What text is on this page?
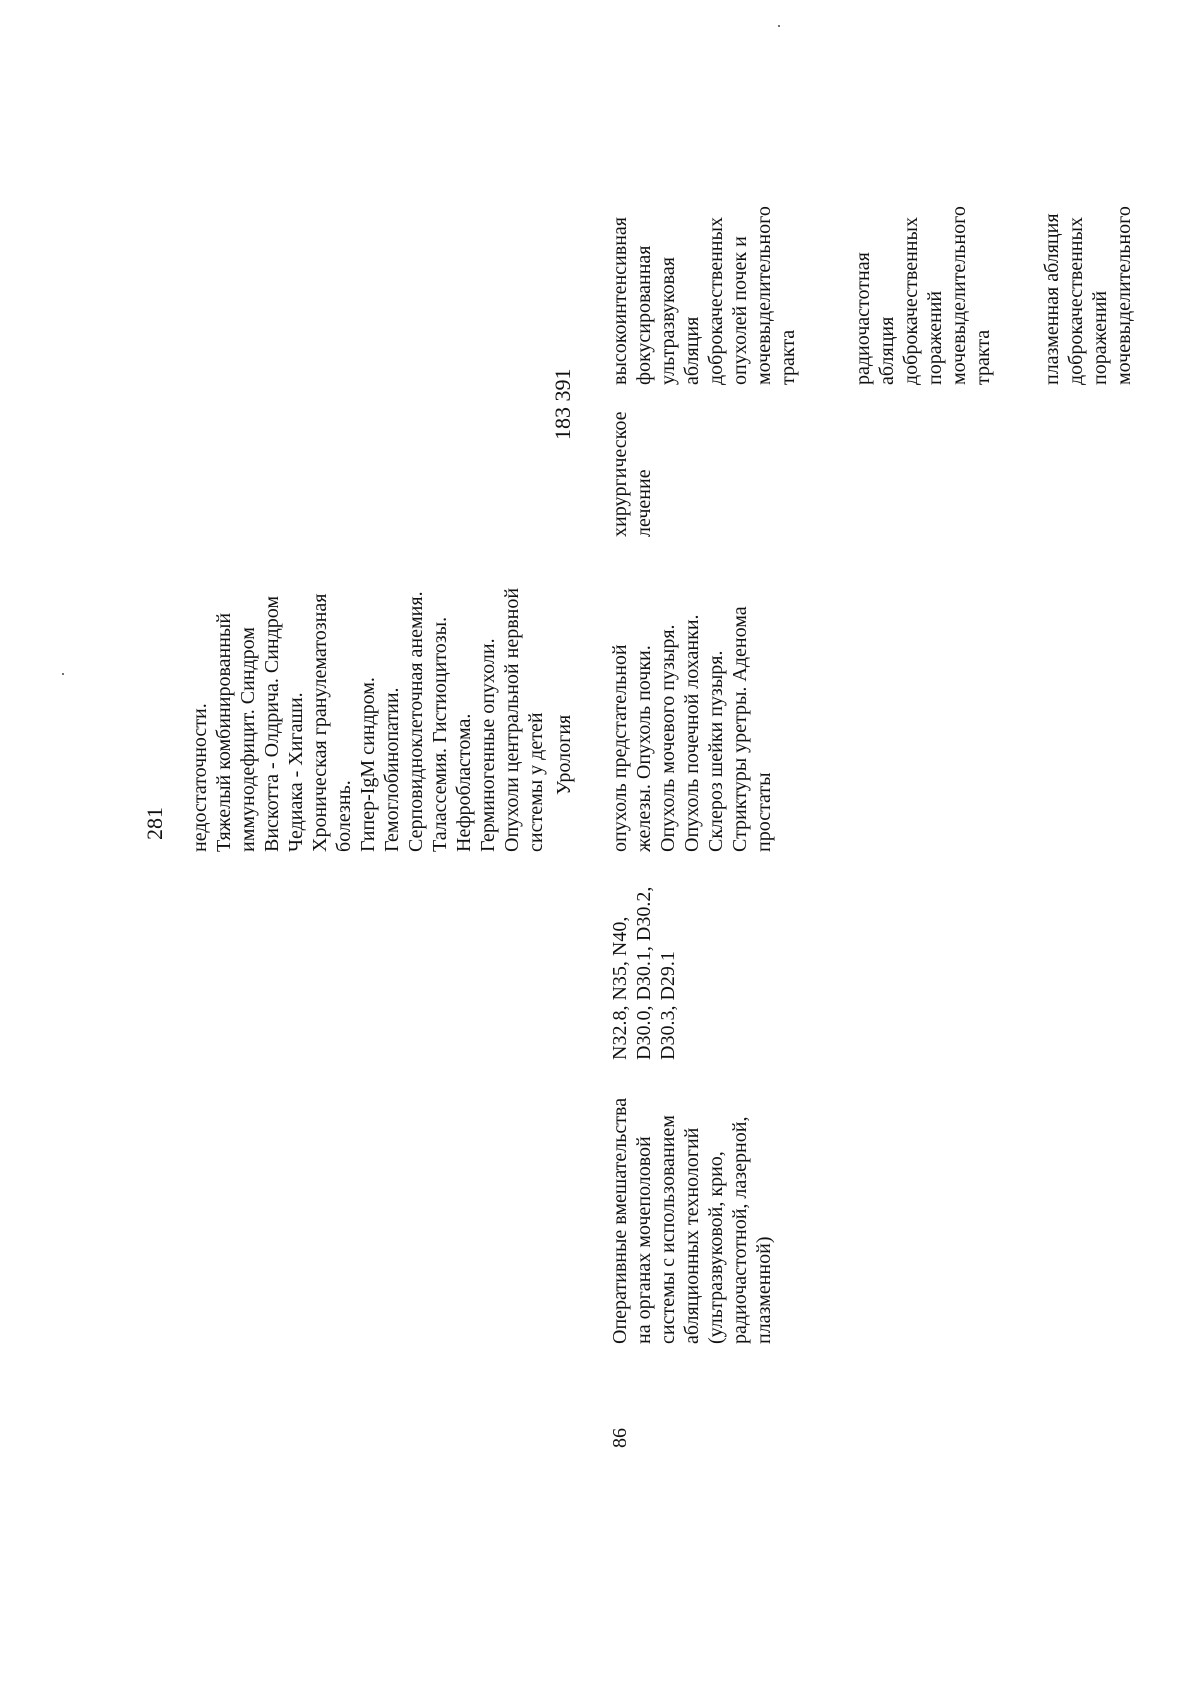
281
183 391
недостаточности. Тяжелый комбинированный иммунодефицит. Синдром Вискотта - Олдрича. Синдром Чедиака - Хигаши. Хроническая гранулематозная болезнь. Гипер-IgM синдром. Гемоглобинопатии. Серповидноклеточная анемия. Талассемия. Гистиоцитозы. Нефробластома. Герминогенные опухоли. Опухоли центральной нервной системы у детей Урология
86
Оперативные вмешательства на органах мочеполовой системы с использованием абляционных технологий (ультразвуковой, крио, радиочастотной, лазерной, плазменной)
N32.8, N35, N40, D30.0, D30.1, D30.2, D30.3, D29.1
опухоль предстательной железы. Опухоль почки. Опухоль мочевого пузыря. Опухоль почечной лоханки. Склероз шейки пузыря. Стриктуры уретры. Аденома простаты
хирургическое лечение
высокоинтенсивная фокусированная ультразвуковая абляция доброкачественных опухолей почек и мочевыделительного тракта	радиочастотная абляция доброкачественных поражений мочевыделительного тракта плазменная абляция доброкачественных поражений мочевыделительного
